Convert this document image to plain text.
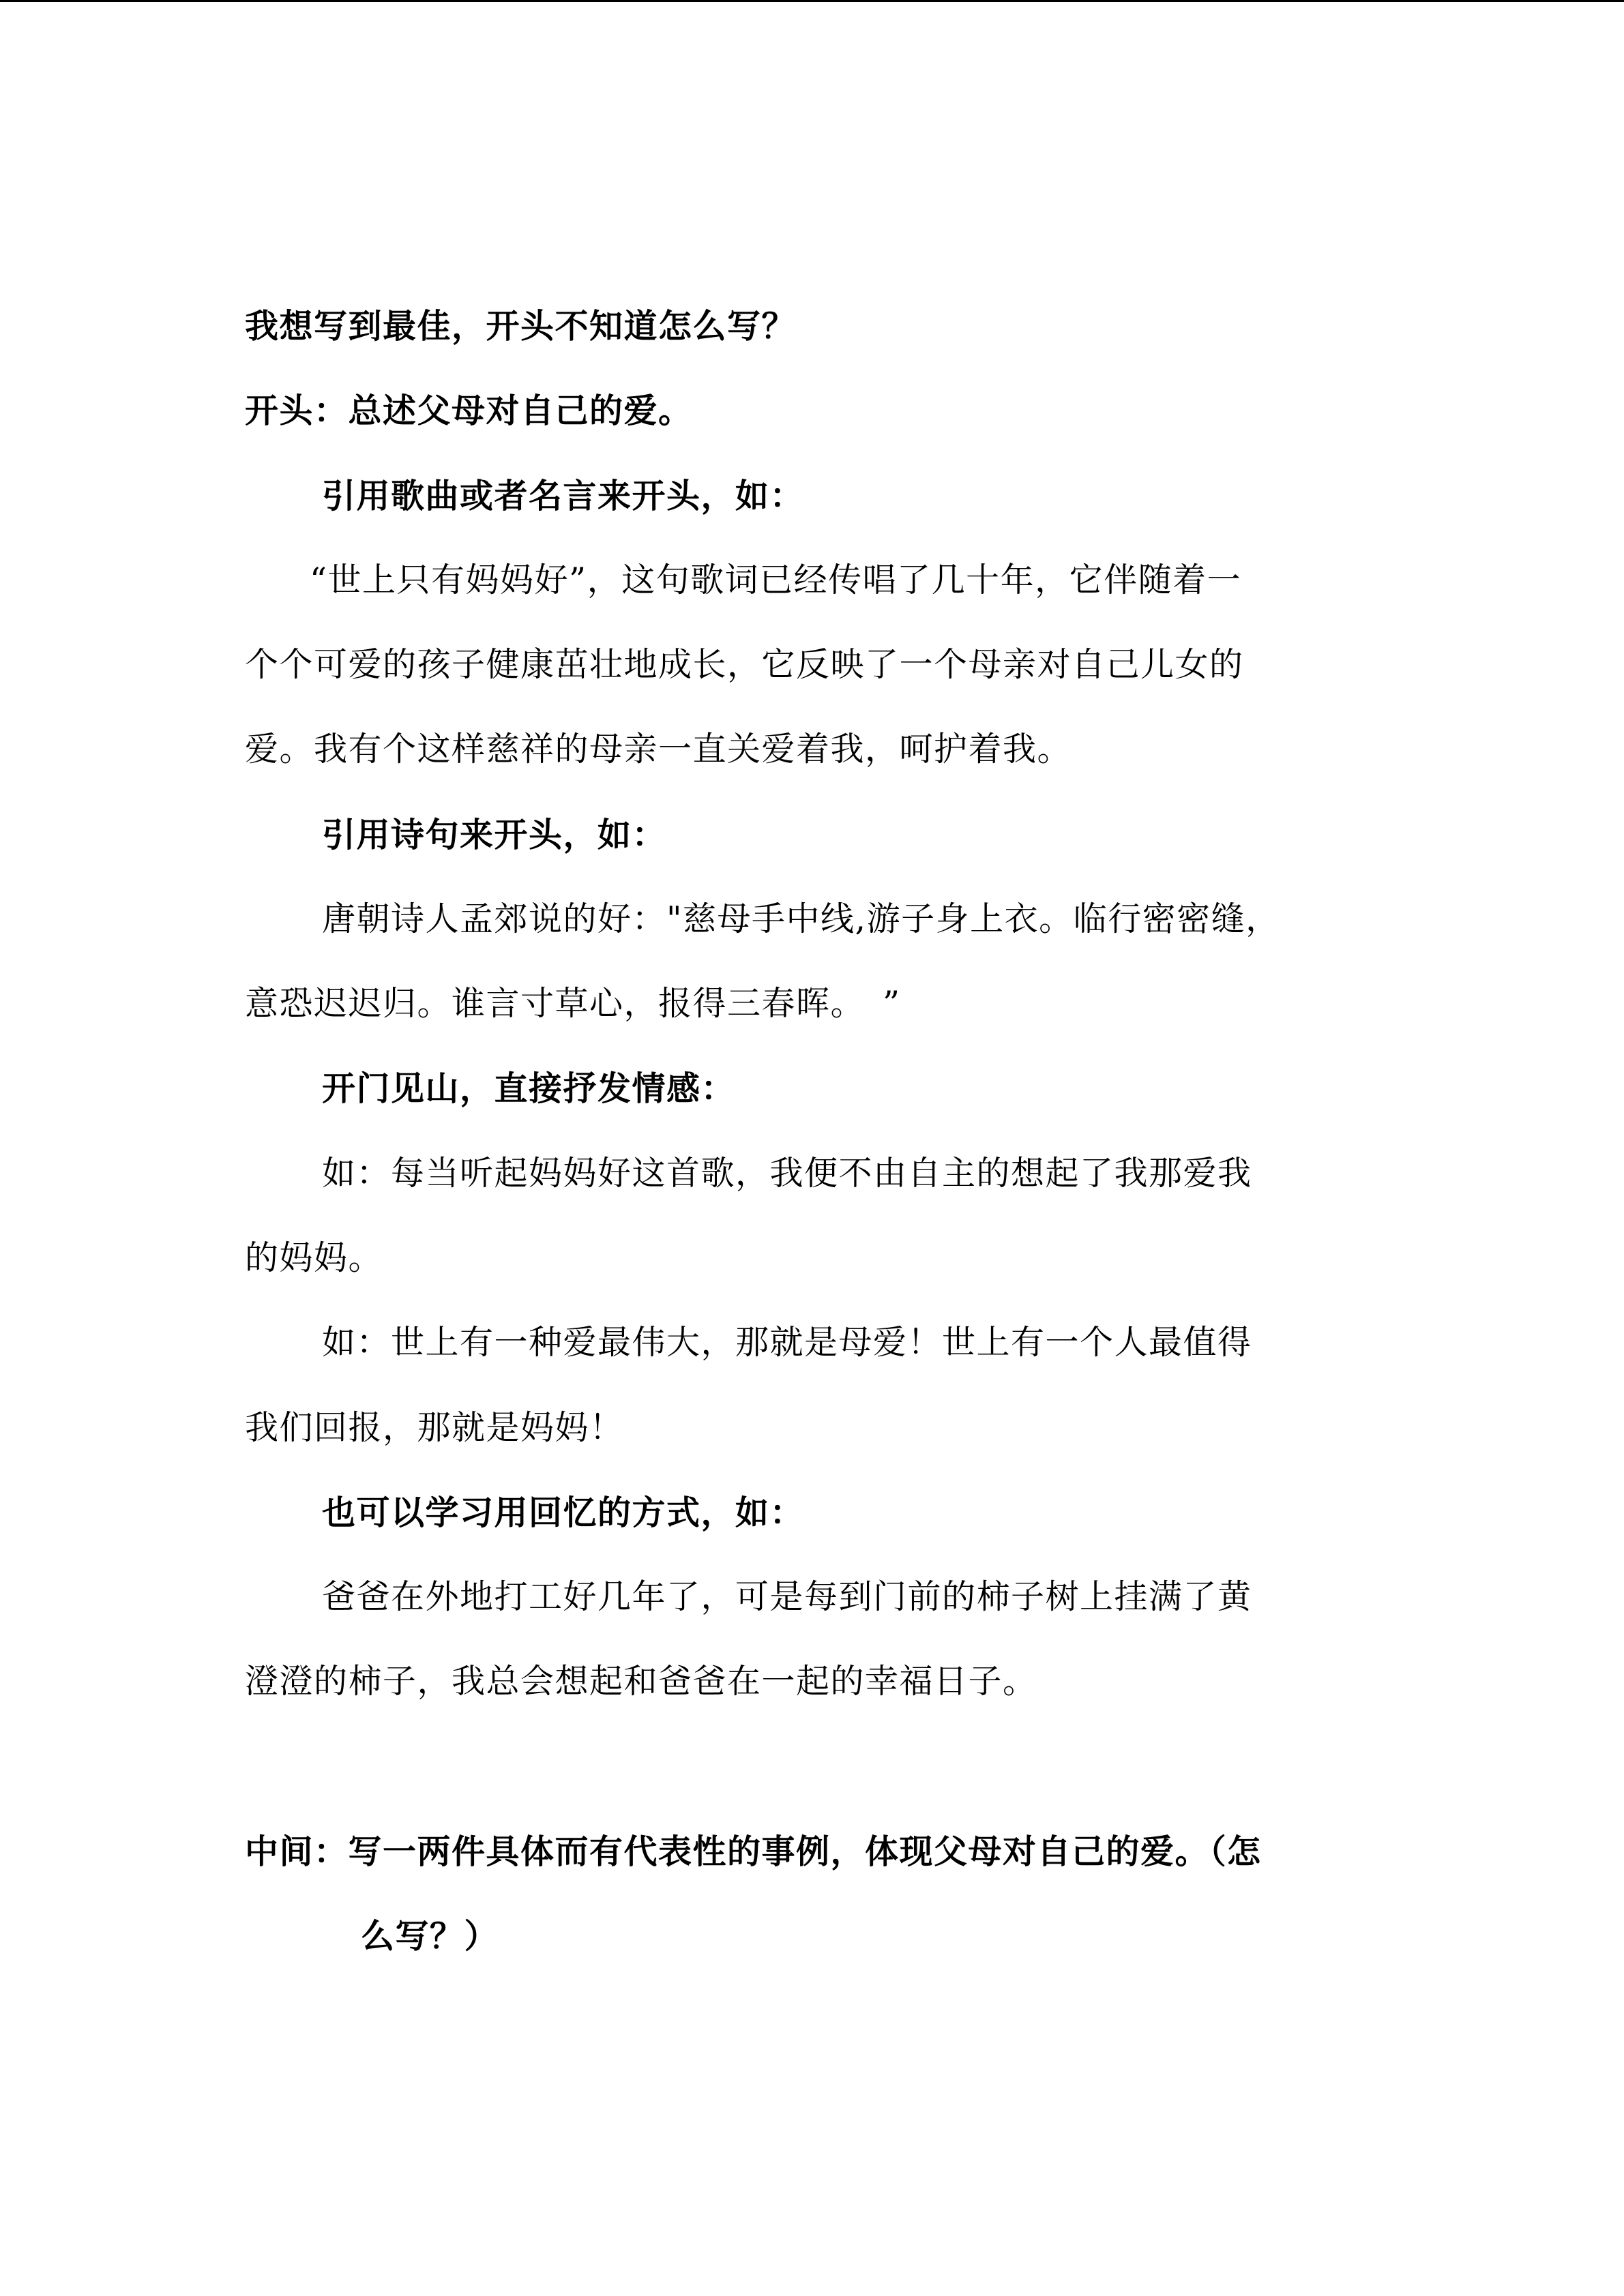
我想写到最佳，开头不知道怎么写？
开头：总述父母对自己的爱。
引用歌曲或者名言来开头，如：
“世上只有妈妈好”，这句歌词已经传唱了几十年，它伴随着一
个个可爱的孩子健康茁壮地成长，它反映了一个母亲对自己儿女的
爱。我有个这样慈祥的母亲一直关爱着我，呵护着我。
引用诗句来开头，如：
唐朝诗人孟郊说的好："慈母手中线,游子身上衣。临行密密缝，
意恐迟迟归。谁言寸草心，报得三春晖。　”
开门见山，直接抒发情感：
如：每当听起妈妈好这首歌，我便不由自主的想起了我那爱我
的妈妈。
如：世上有一种爱最伟大，那就是母爱！世上有一个人最值得
我们回报，那就是妈妈！
也可以学习用回忆的方式，如：
爸爸在外地打工好几年了，可是每到门前的柿子树上挂满了黄
澄澄的柿子，我总会想起和爸爸在一起的幸福日子。
中间：写一两件具体而有代表性的事例，体现父母对自己的爱。（怎
么写？）
